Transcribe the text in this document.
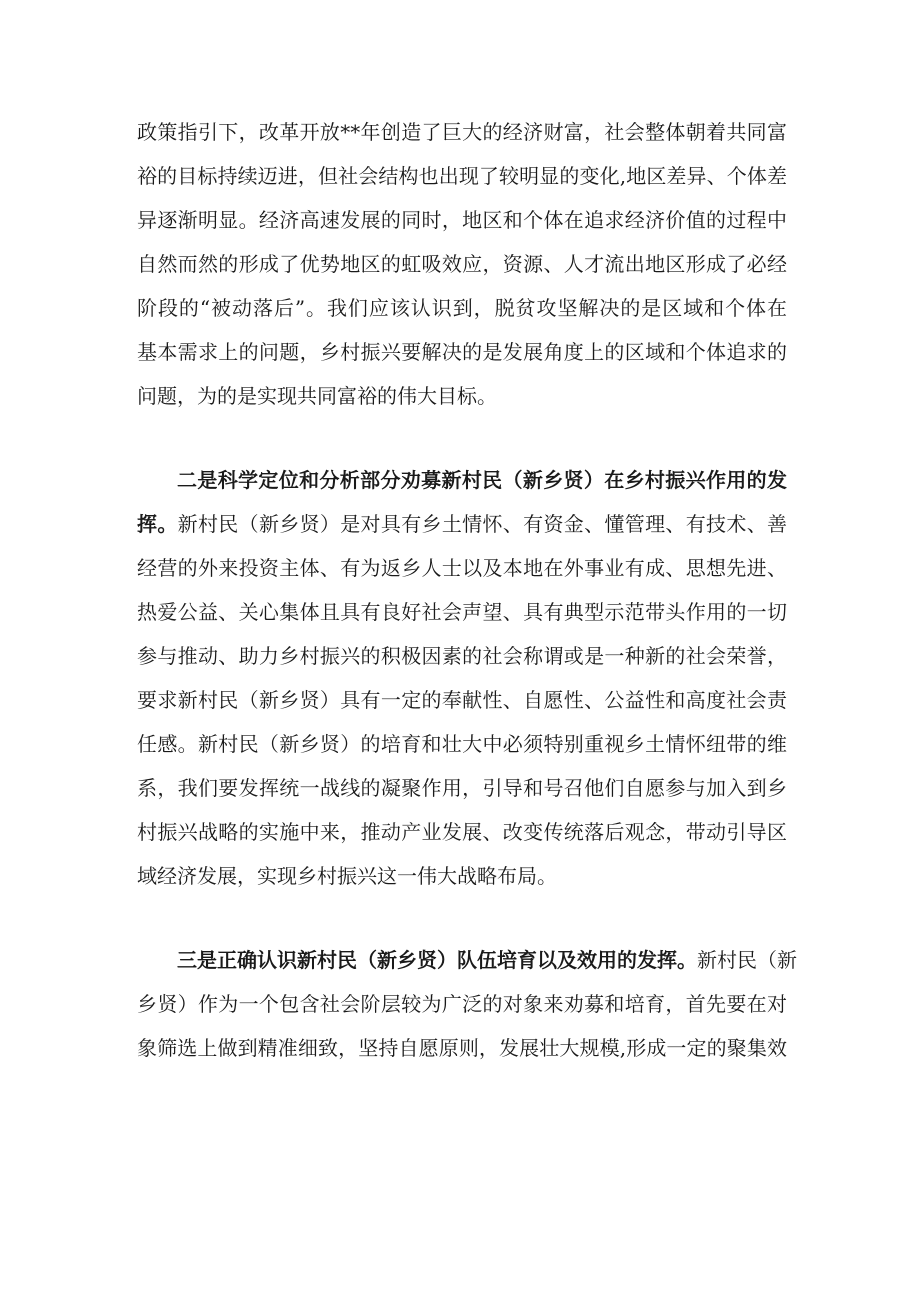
政策指引下，改革开放**年创造了巨大的经济财富，社会整体朝着共同富
裕的目标持续迈进，但社会结构也出现了较明显的变化,地区差异、个体差
异逐渐明显。经济高速发展的同时，地区和个体在追求经济价值的过程中
自然而然的形成了优势地区的虹吸效应，资源、人才流出地区形成了必经
阶段的“被动落后”。我们应该认识到，脱贫攻坚解决的是区域和个体在
基本需求上的问题，乡村振兴要解决的是发展角度上的区域和个体追求的
问题，为的是实现共同富裕的伟大目标。
二是科学定位和分析部分劝募新村民（新乡贤）在乡村振兴作用的发
挥。新村民（新乡贤）是对具有乡土情怀、有资金、懂管理、有技术、善
经营的外来投资主体、有为返乡人士以及本地在外事业有成、思想先进、
热爱公益、关心集体且具有良好社会声望、具有典型示范带头作用的一切
参与推动、助力乡村振兴的积极因素的社会称谓或是一种新的社会荣誉，
要求新村民（新乡贤）具有一定的奉献性、自愿性、公益性和高度社会责
任感。新村民（新乡贤）的培育和壮大中必须特别重视乡土情怀纽带的维
系，我们要发挥统一战线的凝聚作用，引导和号召他们自愿参与加入到乡
村振兴战略的实施中来，推动产业发展、改变传统落后观念，带动引导区
域经济发展，实现乡村振兴这一伟大战略布局。
三是正确认识新村民（新乡贤）队伍培育以及效用的发挥。新村民（新
乡贤）作为一个包含社会阶层较为广泛的对象来劝募和培育，首先要在对
象筛选上做到精准细致，坚持自愿原则，发展壮大规模,形成一定的聚集效
